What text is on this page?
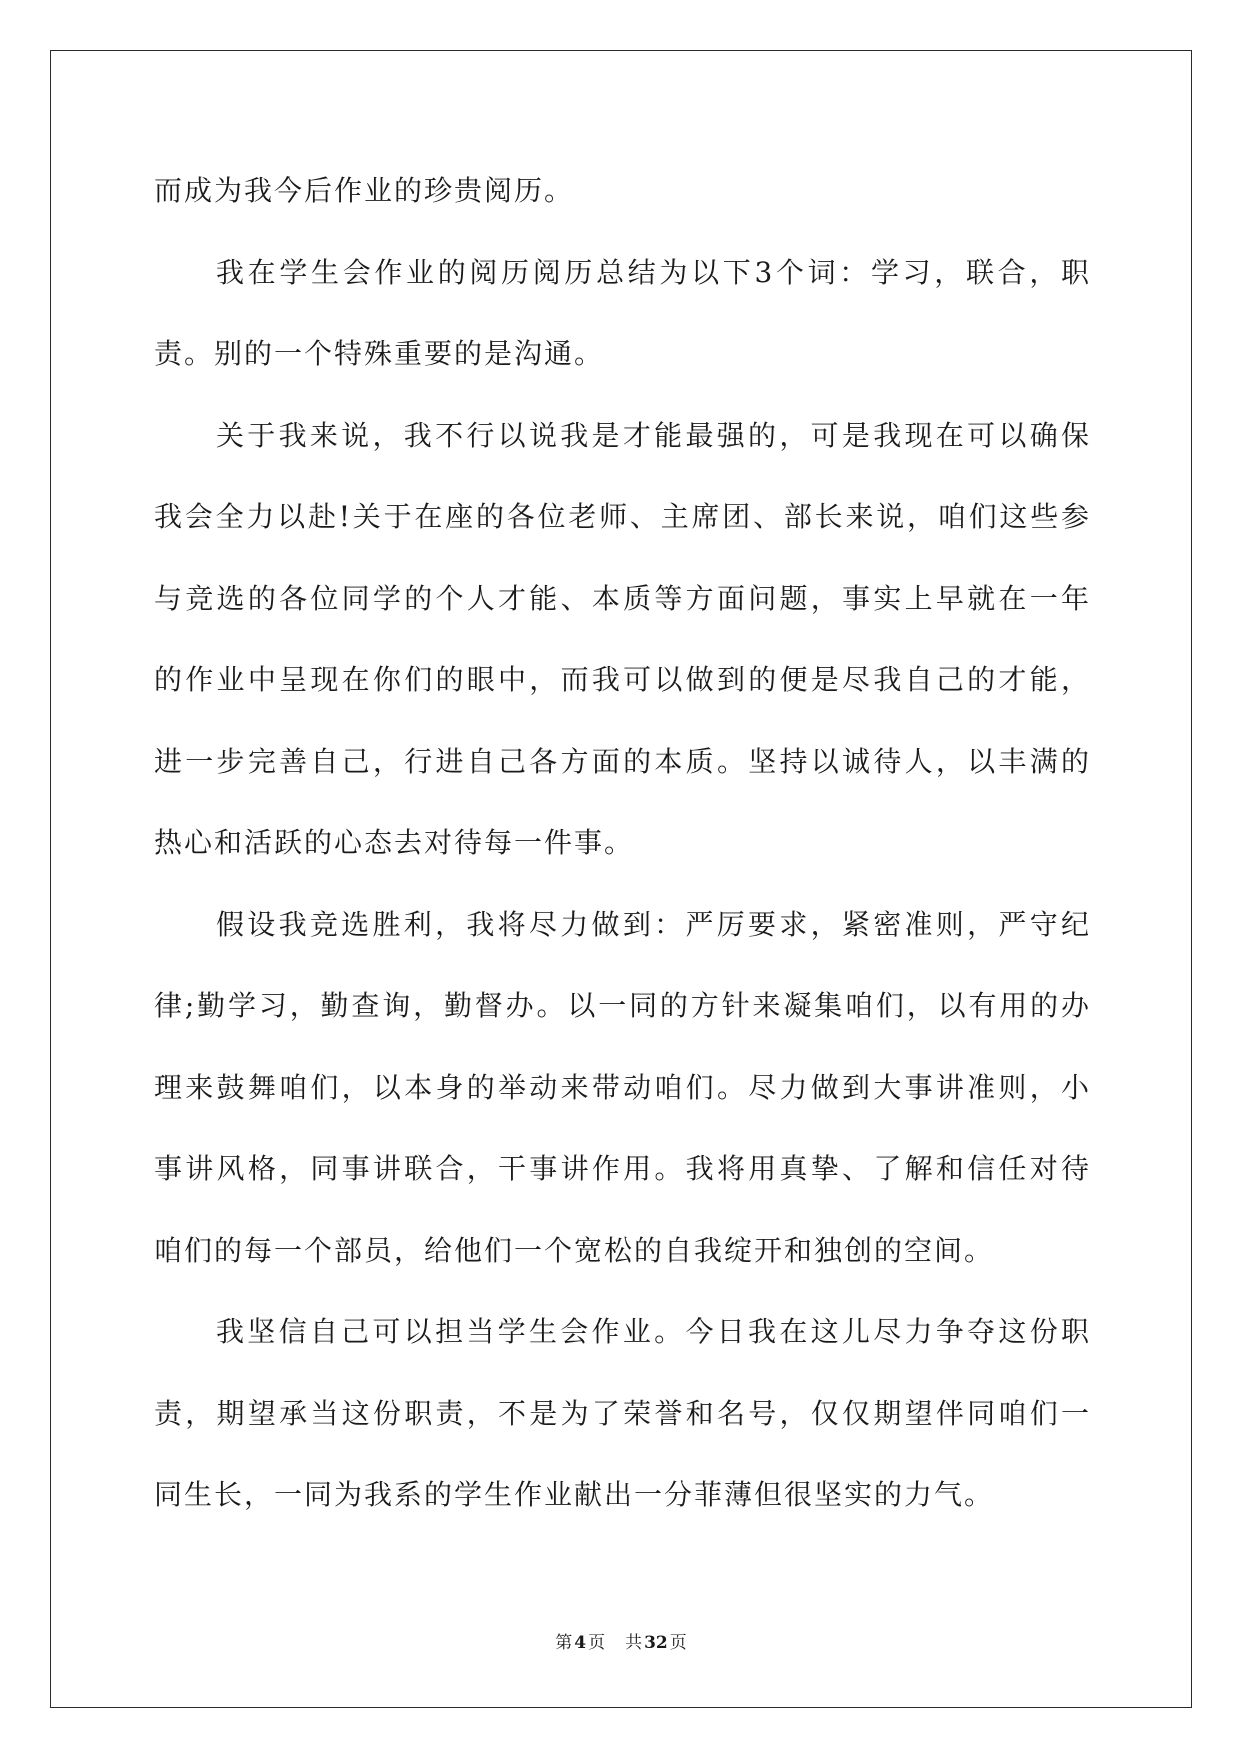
而成为我今后作业的珍贵阅历。
我在学生会作业的阅历阅历总结为以下3个词：学习，联合，职
责。别的一个特殊重要的是沟通。
关于我来说，我不行以说我是才能最强的，可是我现在可以确保
我会全力以赴!关于在座的各位老师、主席团、部长来说，咱们这些参
与竞选的各位同学的个人才能、本质等方面问题，事实上早就在一年
的作业中呈现在你们的眼中，而我可以做到的便是尽我自己的才能，
进一步完善自己，行进自己各方面的本质。坚持以诚待人，以丰满的
热心和活跃的心态去对待每一件事。
假设我竞选胜利，我将尽力做到：严厉要求，紧密准则，严守纪
律;勤学习，勤查询，勤督办。以一同的方针来凝集咱们，以有用的办
理来鼓舞咱们，以本身的举动来带动咱们。尽力做到大事讲准则，小
事讲风格，同事讲联合，干事讲作用。我将用真挚、了解和信任对待
咱们的每一个部员，给他们一个宽松的自我绽开和独创的空间。
我坚信自己可以担当学生会作业。今日我在这儿尽力争夺这份职
责，期望承当这份职责，不是为了荣誉和名号，仅仅期望伴同咱们一
同生长，一同为我系的学生作业献出一分菲薄但很坚实的力气。
第 4 页 共 32 页
